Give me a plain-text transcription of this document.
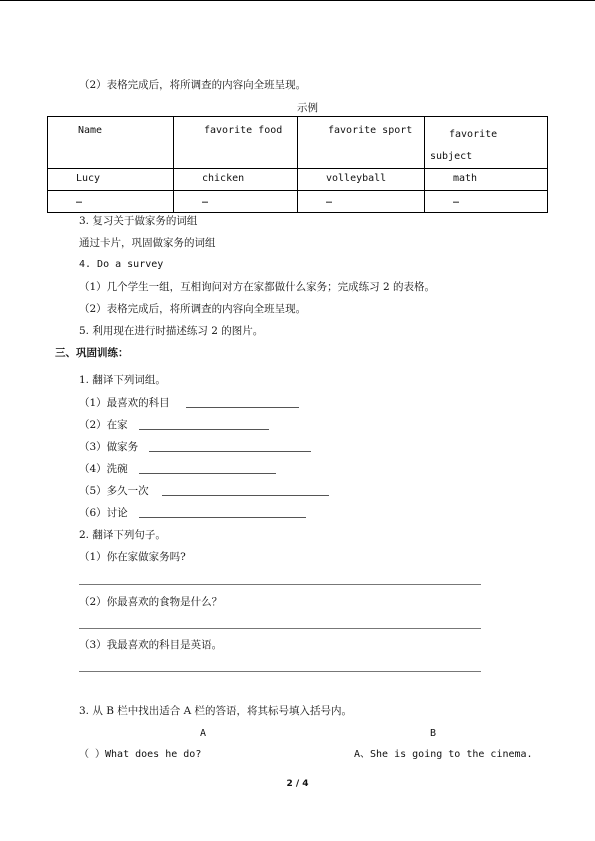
（2）表格完成后，将所调查的内容向全班呈现。
示例
Name	favorite food	favorite sport	favorite
subject

Lucy	chicken	volleyball	math

…	…	…	…
3. 复习关于做家务的词组
通过卡片，巩固做家务的词组
4. Do a survey
（1）几个学生一组，互相询问对方在家都做什么家务；完成练习 2 的表格。
（2）表格完成后，将所调查的内容向全班呈现。
5. 利用现在进行时描述练习 2 的图片。
三、巩固训练：
1. 翻译下列词组。
（1）最喜欢的科目
（2）在家
（3）做家务
（4）洗碗
（5）多久一次
（6）讨论
2. 翻译下列句子。
（1）你在家做家务吗?
（2）你最喜欢的食物是什么？
（3）我最喜欢的科目是英语。
3. 从 B 栏中找出适合 A 栏的答语，将其标号填入括号内。
A	B
（ ）What does he do?	A、She is going to the cinema.
2 / 4
